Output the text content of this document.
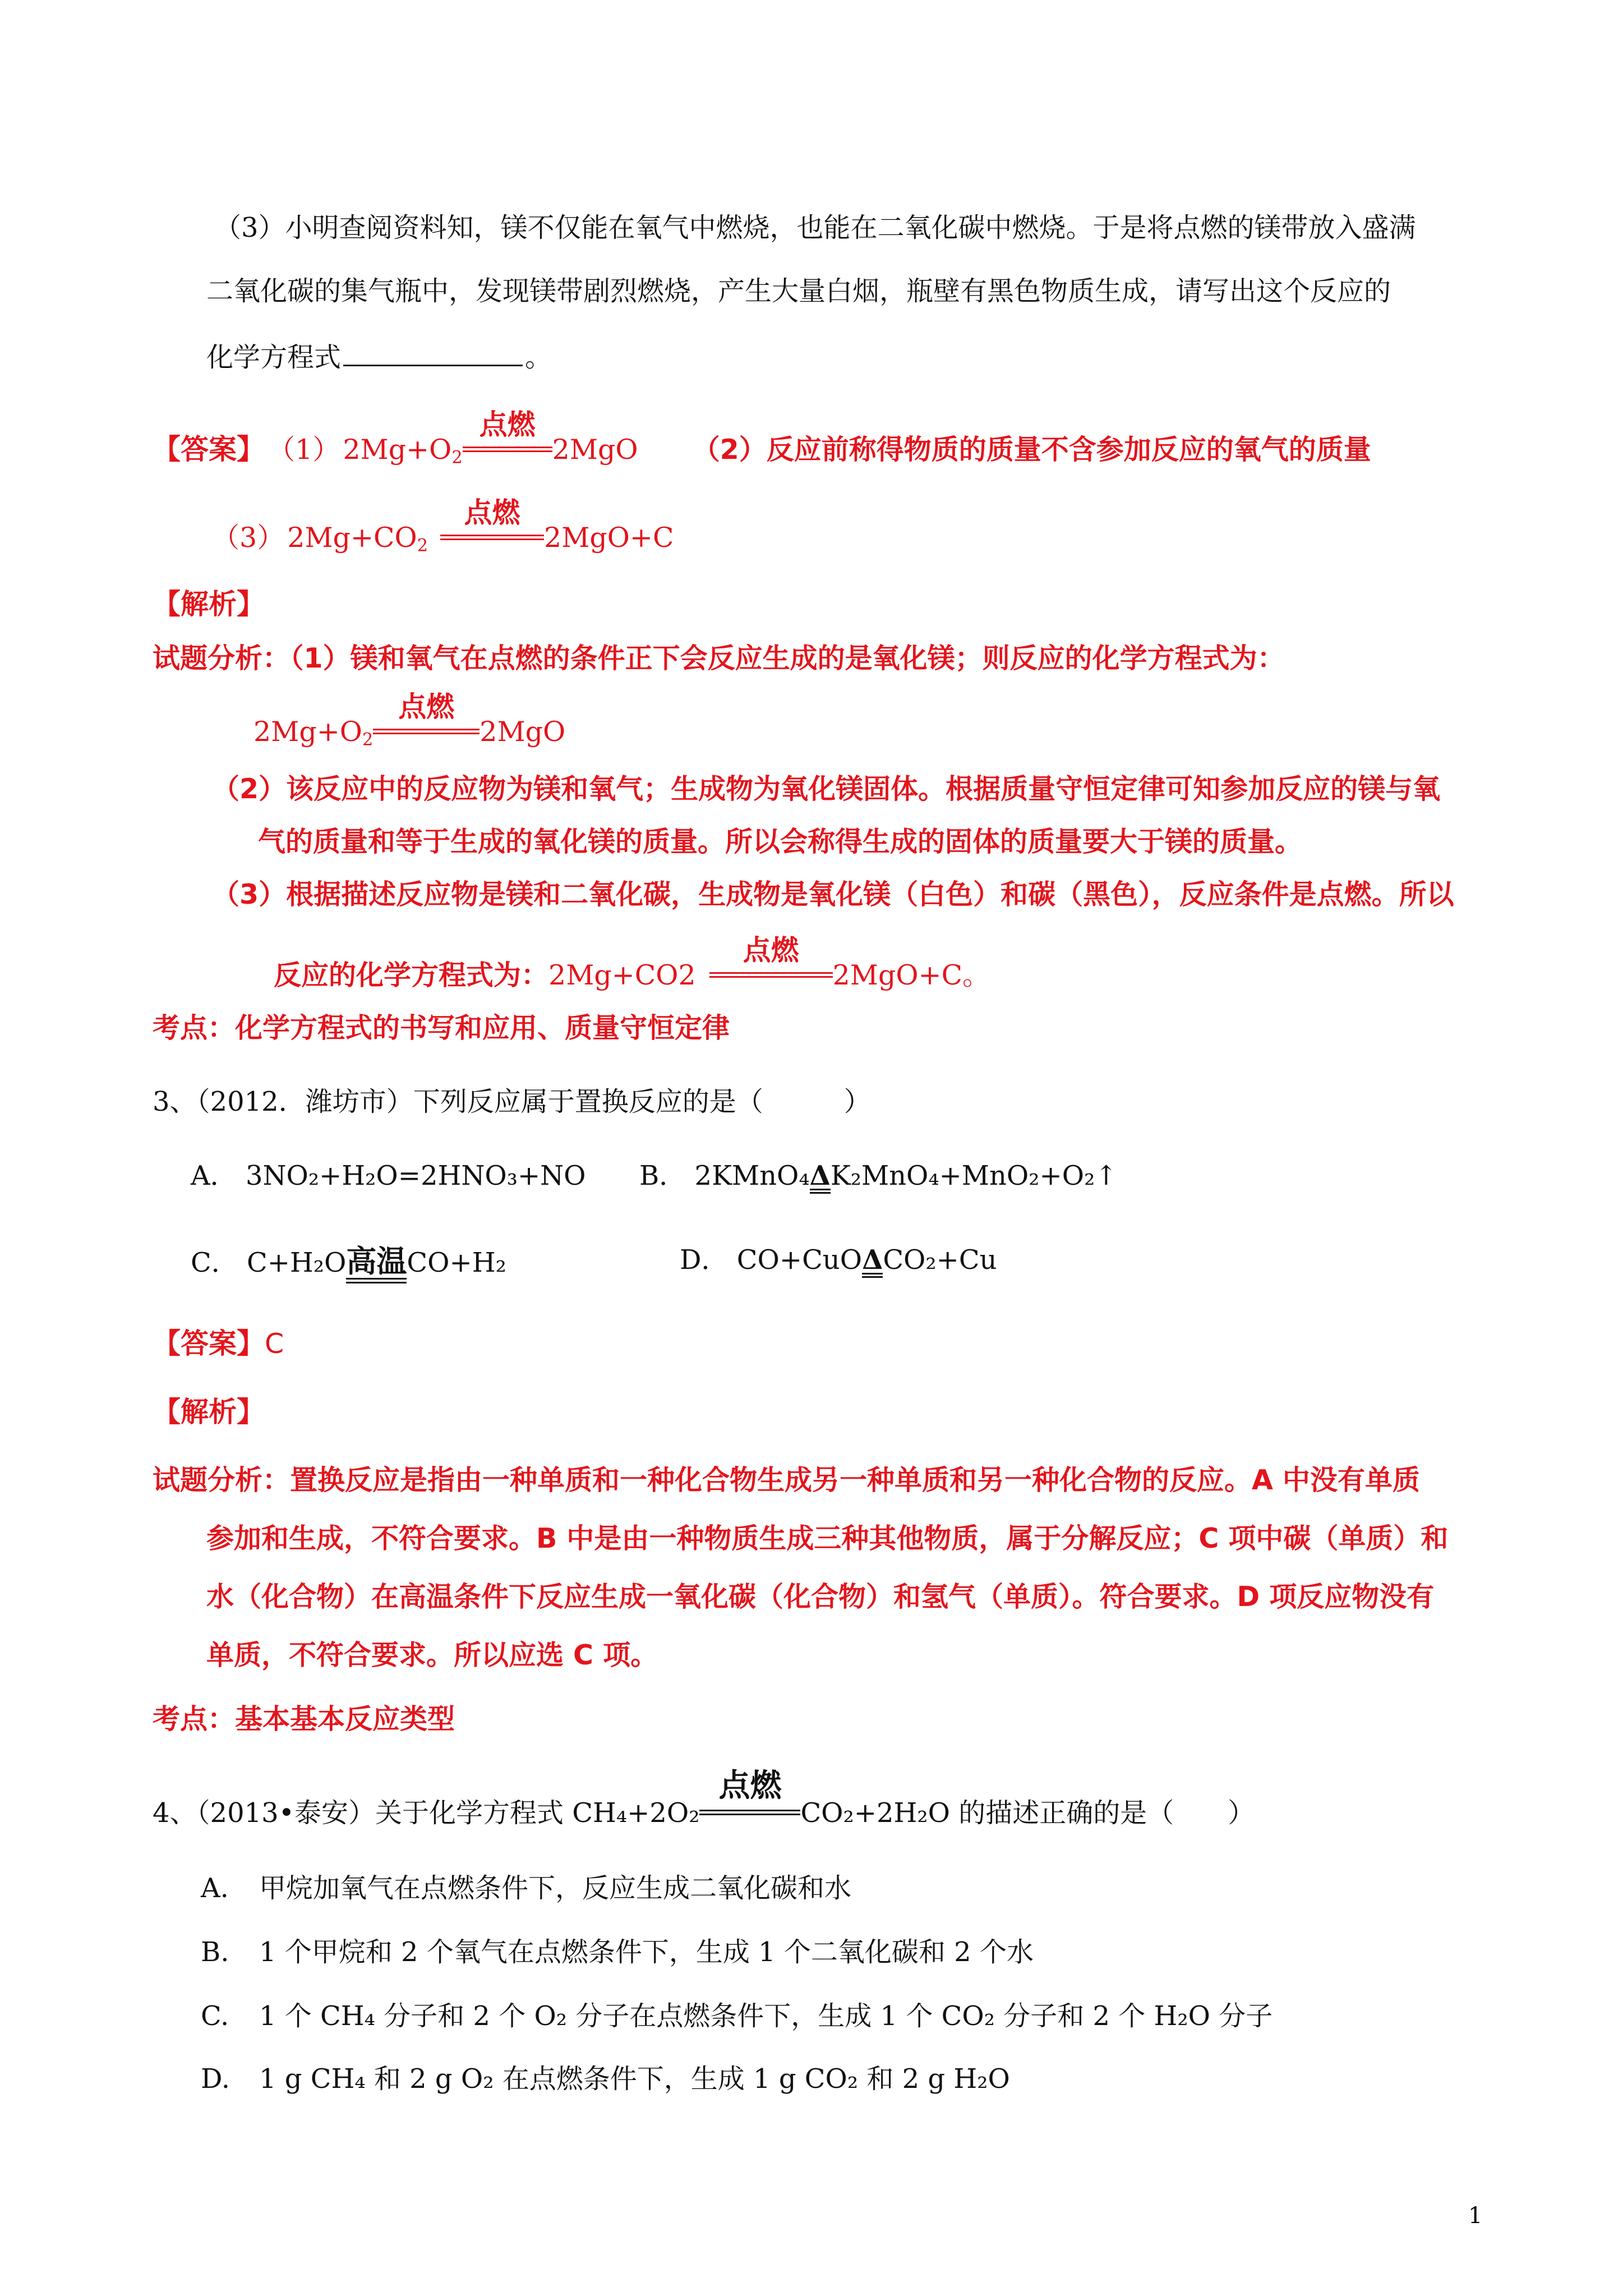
（3）小明查阅资料知，镁不仅能在氧气中燃烧，也能在二氧化碳中燃烧。于是将点燃的镁带放入盛满
二氧化碳的集气瓶中，发现镁带剧烈燃烧，产生大量白烟，瓶壁有黑色物质生成，请写出这个反应的
化学方程式	。
【答案】 （1） $2Mg+O_2$
点燃
2MgO （2）反应前称得物质的质量不含参加反应的氧气的质量
（3） $2Mg+CO_2$
点燃
2MgO+C
【解析】
试题分析：（1）镁和氧气在点燃的条件正下会反应生成的是氧化镁；则反应的化学方程式为：
$2Mg+O_2$
点燃
2MgO
（2）该反应中的反应物为镁和氧气；生成物为氧化镁固体。根据质量守恒定律可知参加反应的镁与氧
气的质量和等于生成的氧化镁的质量。所以会称得生成的固体的质量要大于镁的质量。
（3）根据描述反应物是镁和二氧化碳，生成物是氧化镁（白色）和碳（黑色），反应条件是点燃。所以
反应的化学方程式为：2Mg+CO2
点燃
2MgO+C。
考点：化学方程式的书写和应用、质量守恒定律
3、（2012．潍坊市）下列反应属于置换反应的是（　　　）
A． 3NO₂+H₂O=2HNO₃+NO B． 2KMnO₄ΔK₂MnO₄+MnO₂+O₂↑
C． C+H₂O高温CO+H₂	D． CO+CuOΔCO₂+Cu
【答案】C
【解析】
试题分析：置换反应是指由一种单质和一种化合物生成另一种单质和另一种化合物的反应。A 中没有单质
参加和生成，不符合要求。B 中是由一种物质生成三种其他物质，属于分解反应；C 项中碳（单质）和
水（化合物）在高温条件下反应生成一氧化碳（化合物）和氢气（单质）。符合要求。D 项反应物没有
单质，不符合要求。所以应选 C 项。
考点：基本基本反应类型
4、（2013•泰安）关于化学方程式 CH₄+2O₂
点燃
CO₂+2H₂O 的描述正确的是（　　）
A. 甲烷加氧气在点燃条件下，反应生成二氧化碳和水
B. 1 个甲烷和 2 个氧气在点燃条件下，生成 1 个二氧化碳和 2 个水
C. 1 个 CH₄ 分子和 2 个 O₂ 分子在点燃条件下，生成 1 个 CO₂ 分子和 2 个 H₂O 分子
D. 1 g CH₄ 和 2 g O₂ 在点燃条件下，生成 1 g CO₂ 和 2 g H₂O
1
